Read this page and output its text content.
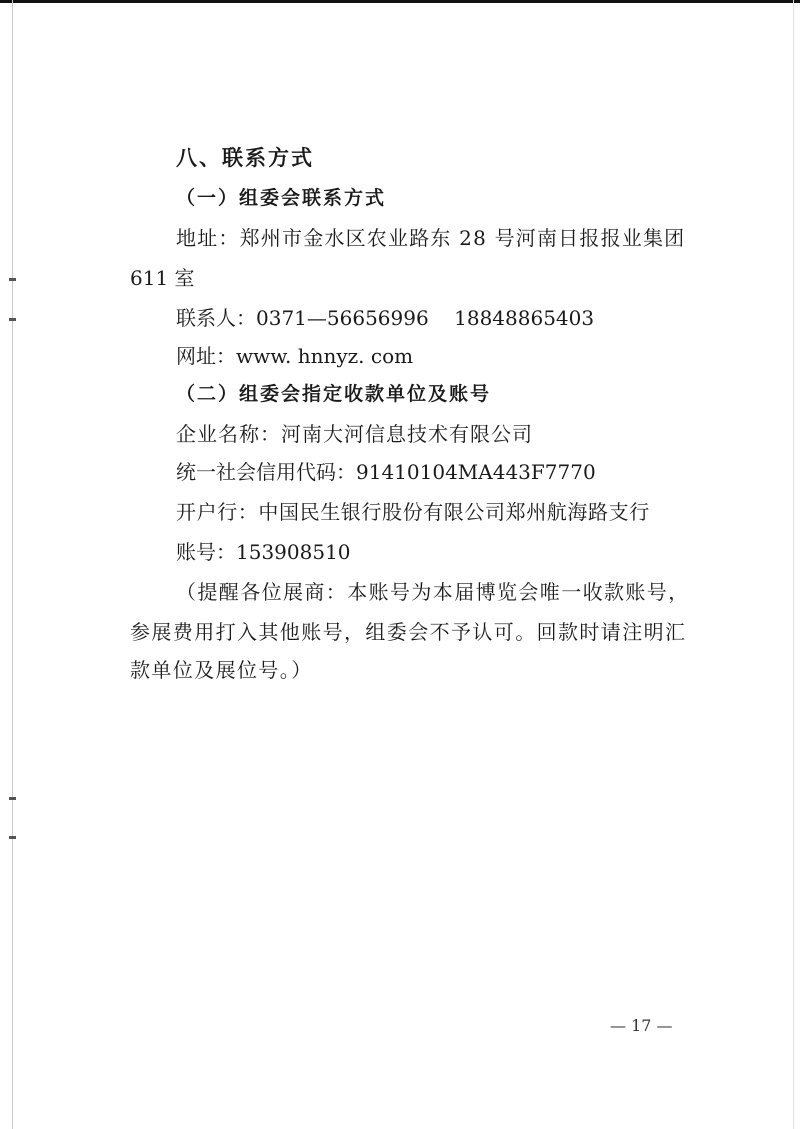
八、联系方式
（一）组委会联系方式
地址：郑州市金水区农业路东 28 号河南日报报业集团
611 室
联系人：0371—56656996    18848865403
网址：www. hnnyz. com
（二）组委会指定收款单位及账号
企业名称：河南大河信息技术有限公司
统一社会信用代码：91410104MA443F7770
开户行：中国民生银行股份有限公司郑州航海路支行
账号：153908510
（提醒各位展商：本账号为本届博览会唯一收款账号，
参展费用打入其他账号，组委会不予认可。回款时请注明汇
款单位及展位号。）
— 17 —
